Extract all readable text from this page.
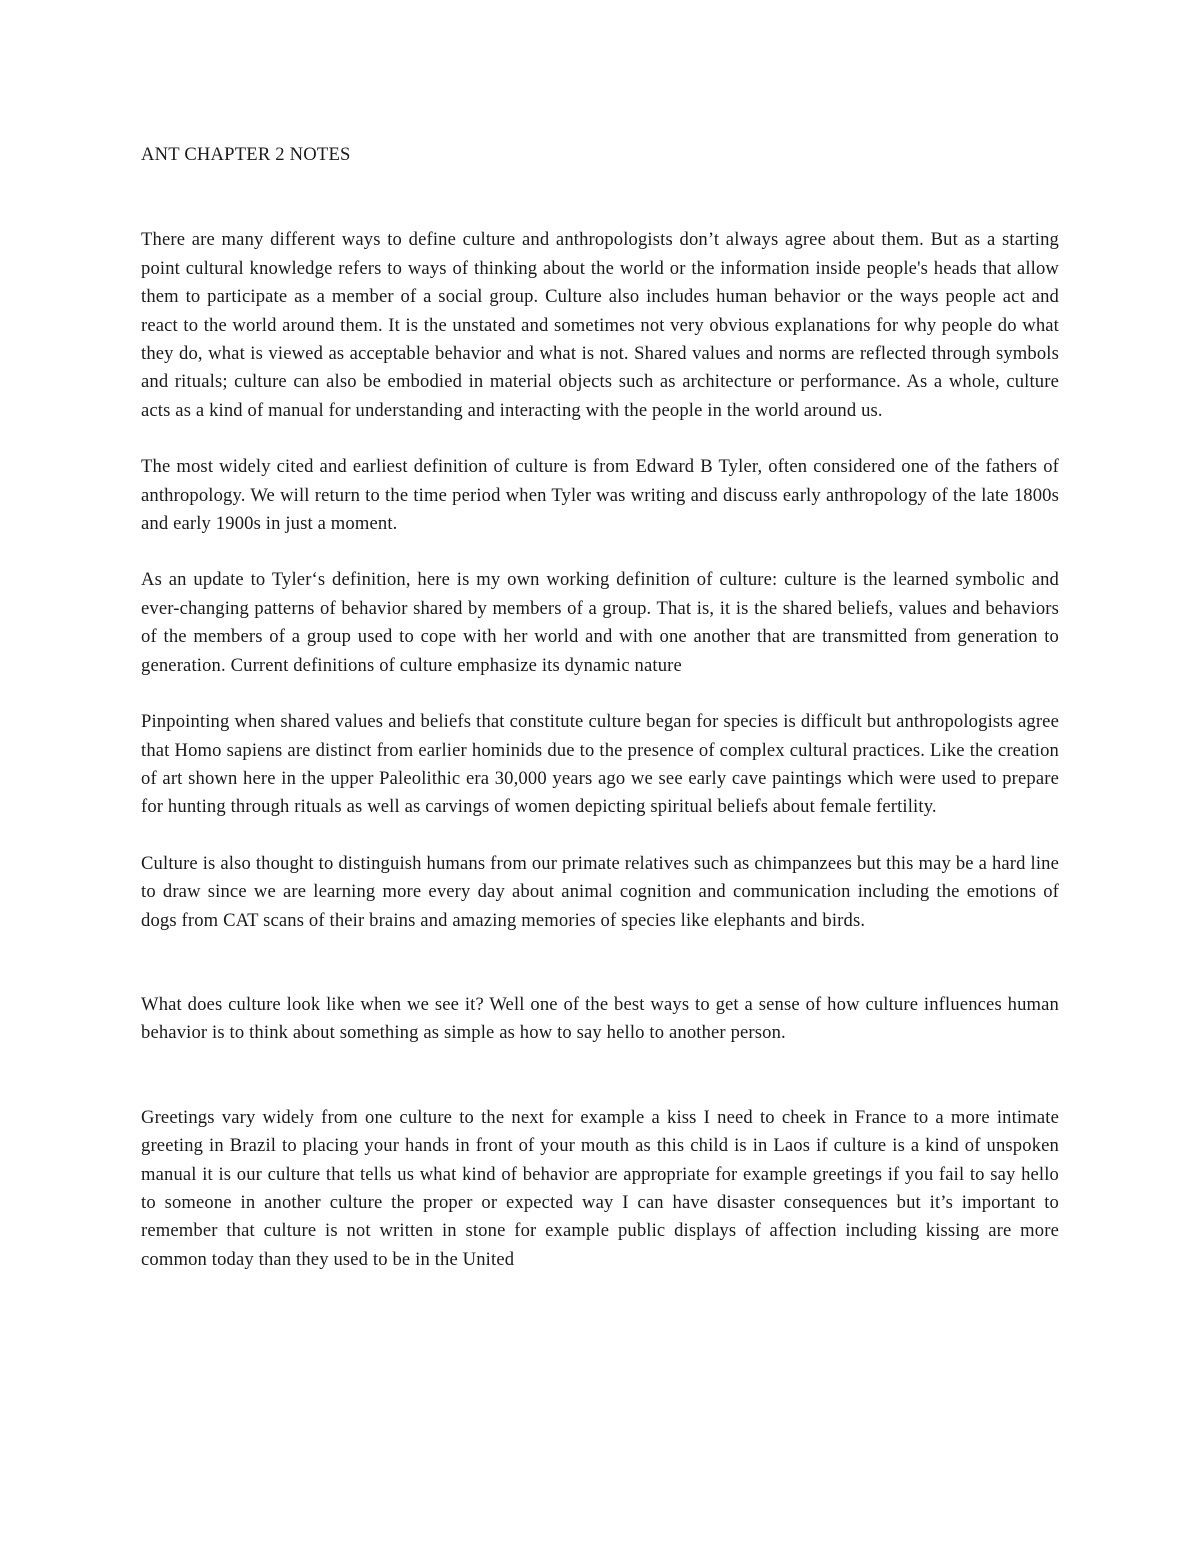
ANT CHAPTER 2 NOTES

There are many different ways to define culture and anthropologists don’t always agree about them. But as a starting point cultural knowledge refers to ways of thinking about the world or the information inside people's heads that allow them to participate as a member of a social group. Culture also includes human behavior or the ways people act and react to the world around them. It is the unstated and sometimes not very obvious explanations for why people do what they do, what is viewed as acceptable behavior and what is not. Shared values and norms are reflected through symbols and rituals; culture can also be embodied in material objects such as architecture or performance. As a whole, culture acts as a kind of manual for understanding and interacting with the people in the world around us.

The most widely cited and earliest definition of culture is from Edward B Tyler, often considered one of the fathers of anthropology. We will return to the time period when Tyler was writing and discuss early anthropology of the late 1800s and early 1900s in just a moment.

As an update to Tyler‘s definition, here is my own working definition of culture: culture is the learned symbolic and ever-changing patterns of behavior shared by members of a group. That is, it is the shared beliefs, values and behaviors of the members of a group used to cope with her world and with one another that are transmitted from generation to generation. Current definitions of culture emphasize its dynamic nature

Pinpointing when shared values and beliefs that constitute culture began for species is difficult but anthropologists agree that Homo sapiens are distinct from earlier hominids due to the presence of complex cultural practices. Like the creation of art shown here in the upper Paleolithic era 30,000 years ago we see early cave paintings which were used to prepare for hunting through rituals as well as carvings of women depicting spiritual beliefs about female fertility.

Culture is also thought to distinguish humans from our primate relatives such as chimpanzees but this may be a hard line to draw since we are learning more every day about animal cognition and communication including the emotions of dogs from CAT scans of their brains and amazing memories of species like elephants and birds.

What does culture look like when we see it? Well one of the best ways to get a sense of how culture influences human behavior is to think about something as simple as how to say hello to another person.

Greetings vary widely from one culture to the next for example a kiss I need to cheek in France to a more intimate greeting in Brazil to placing your hands in front of your mouth as this child is in Laos if culture is a kind of unspoken manual it is our culture that tells us what kind of behavior are appropriate for example greetings if you fail to say hello to someone in another culture the proper or expected way I can have disaster consequences but it’s important to remember that culture is not written in stone for example public displays of affection including kissing are more common today than they used to be in the United
